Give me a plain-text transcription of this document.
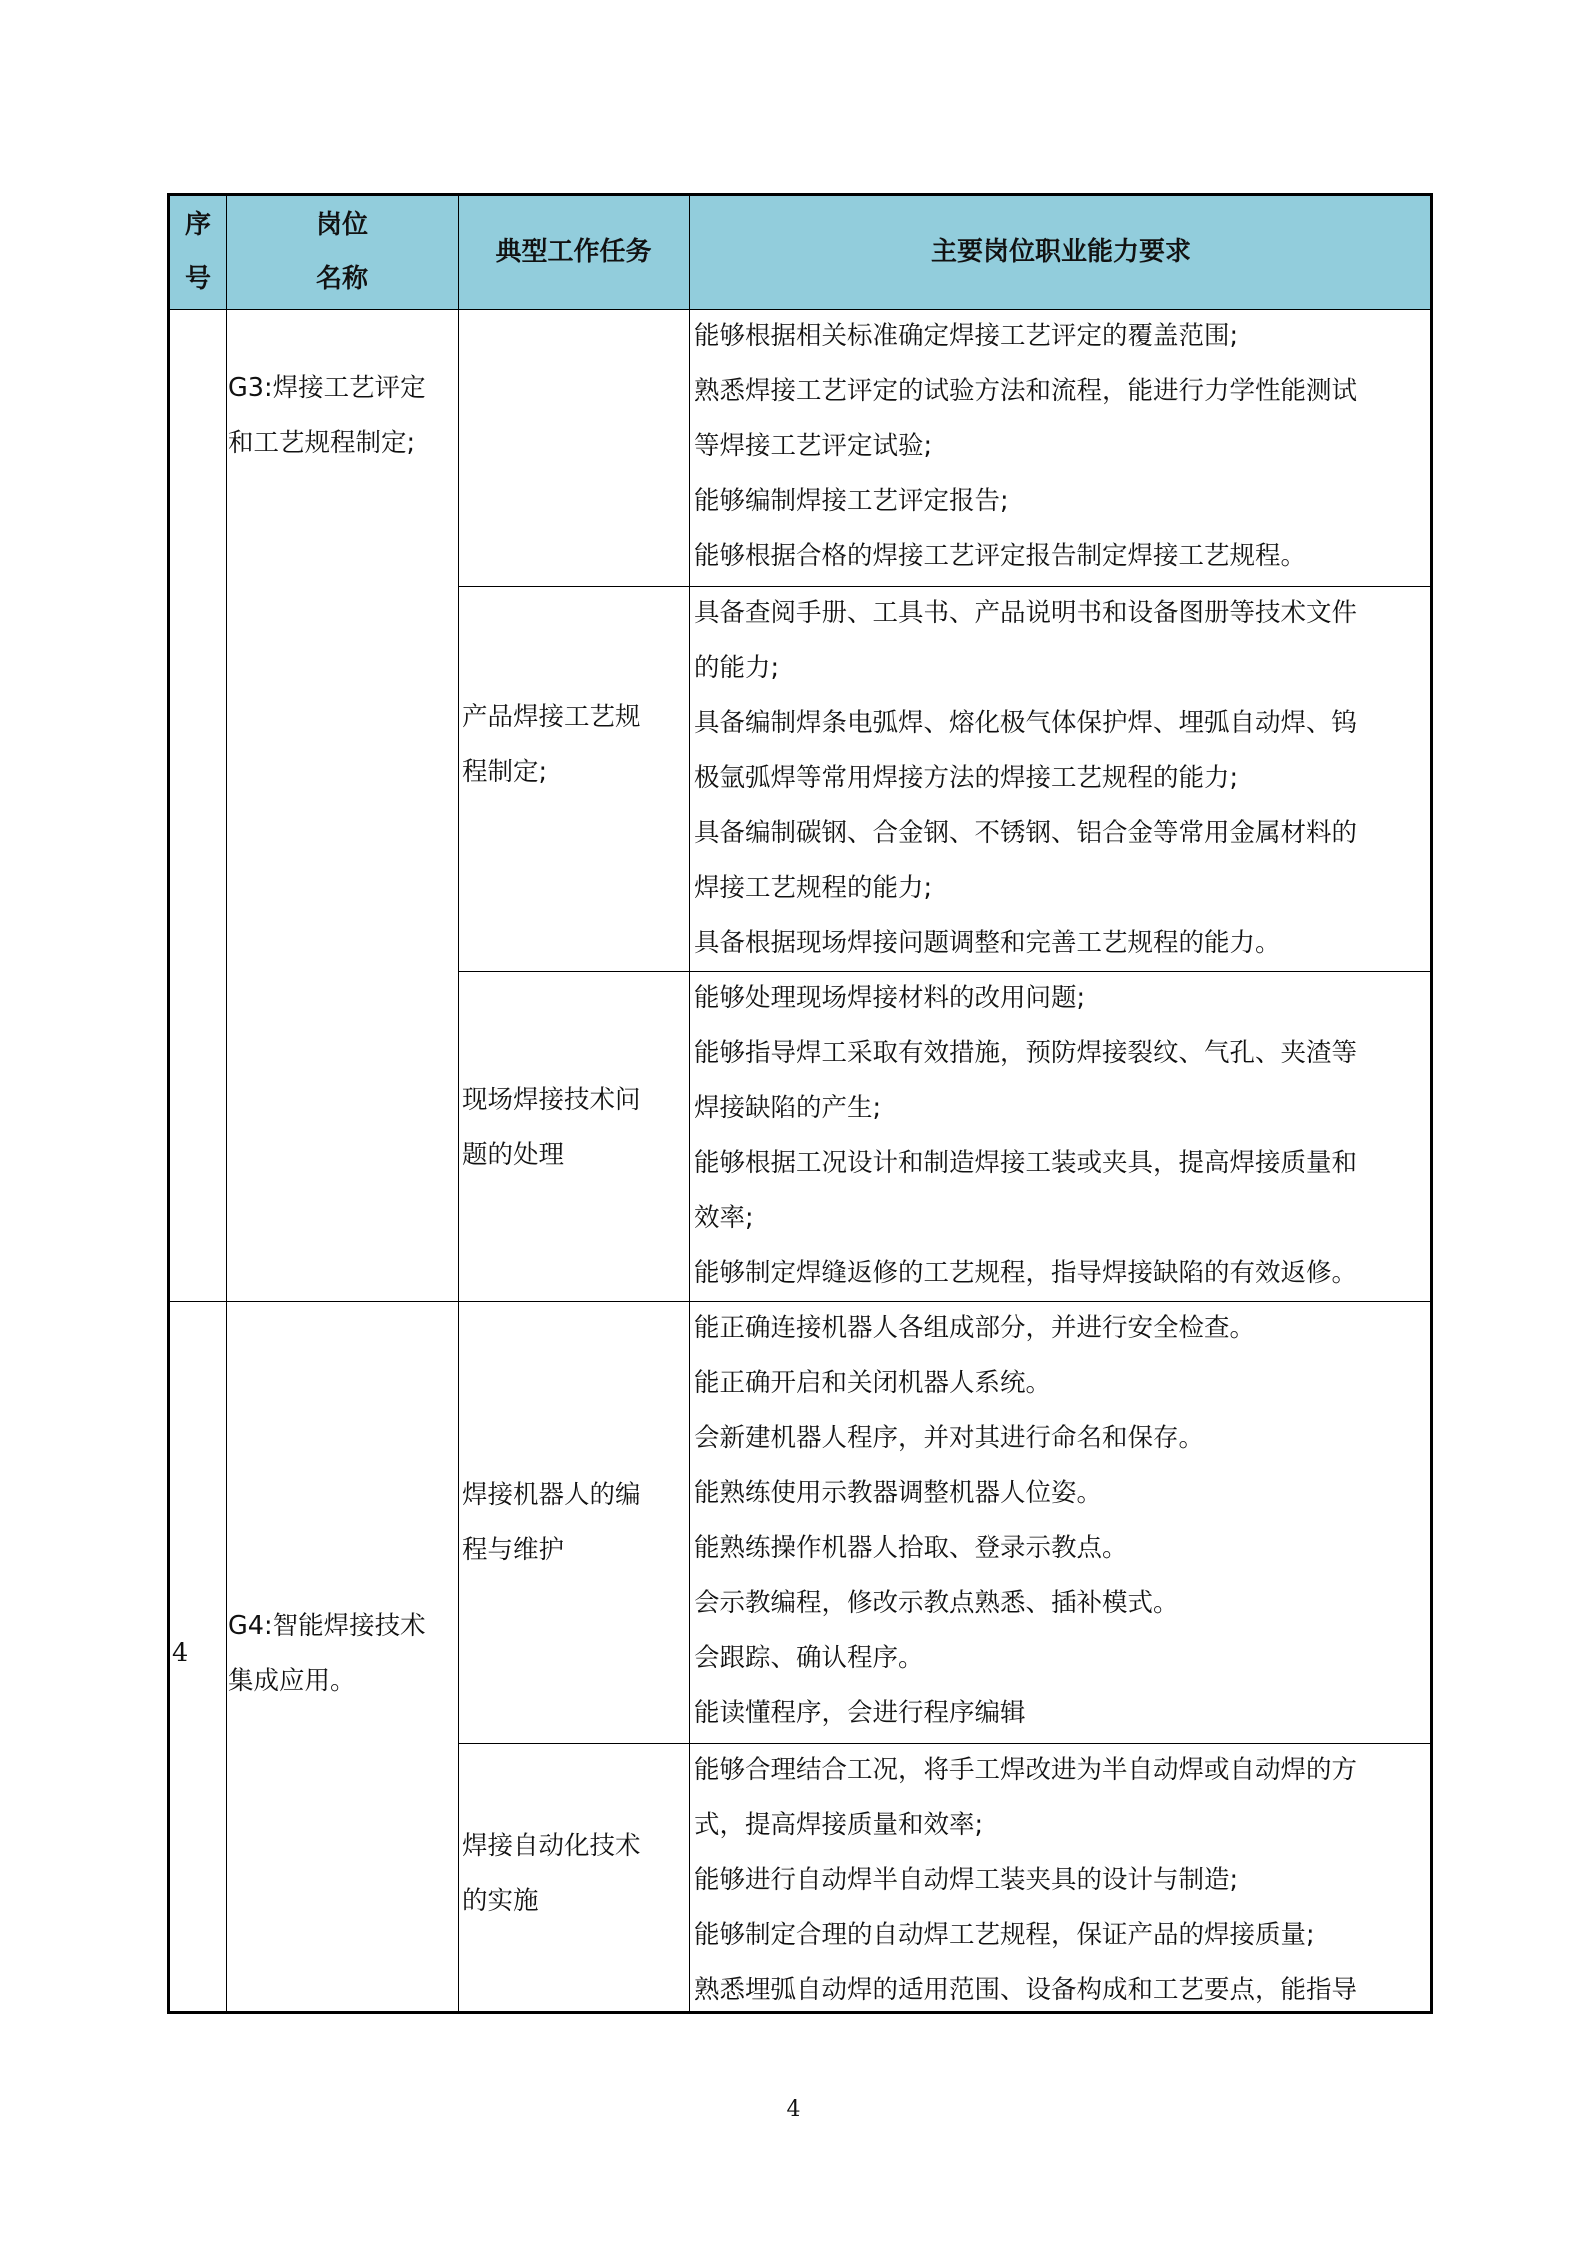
序
号
岗位
名称
典型工作任务	主要岗位职业能力要求
G3:焊接工艺评定
和工艺规程制定;
能够根据相关标准确定焊接工艺评定的覆盖范围;
熟悉焊接工艺评定的试验方法和流程，能进行力学性能测试
等焊接工艺评定试验;
能够编制焊接工艺评定报告;
能够根据合格的焊接工艺评定报告制定焊接工艺规程。
产品焊接工艺规
程制定;
具备查阅手册、工具书、产品说明书和设备图册等技术文件
的能力;
具备编制焊条电弧焊、熔化极气体保护焊、埋弧自动焊、钨
极氩弧焊等常用焊接方法的焊接工艺规程的能力;
具备编制碳钢、合金钢、不锈钢、铝合金等常用金属材料的
焊接工艺规程的能力;
具备根据现场焊接问题调整和完善工艺规程的能力。
现场焊接技术问
题的处理
能够处理现场焊接材料的改用问题;
能够指导焊工采取有效措施，预防焊接裂纹、气孔、夹渣等
焊接缺陷的产生;
能够根据工况设计和制造焊接工装或夹具，提高焊接质量和
效率;
能够制定焊缝返修的工艺规程，指导焊接缺陷的有效返修。
4
G4:智能焊接技术
集成应用。
焊接机器人的编
程与维护
能正确连接机器人各组成部分，并进行安全检查。
能正确开启和关闭机器人系统。
会新建机器人程序，并对其进行命名和保存。
能熟练使用示教器调整机器人位姿。
能熟练操作机器人拾取、登录示教点。
会示教编程，修改示教点熟悉、插补模式。
会跟踪、确认程序。
能读懂程序，会进行程序编辑
焊接自动化技术
的实施
能够合理结合工况，将手工焊改进为半自动焊或自动焊的方
式，提高焊接质量和效率;
能够进行自动焊半自动焊工装夹具的设计与制造;
能够制定合理的自动焊工艺规程，保证产品的焊接质量;
熟悉埋弧自动焊的适用范围、设备构成和工艺要点，能指导
4
